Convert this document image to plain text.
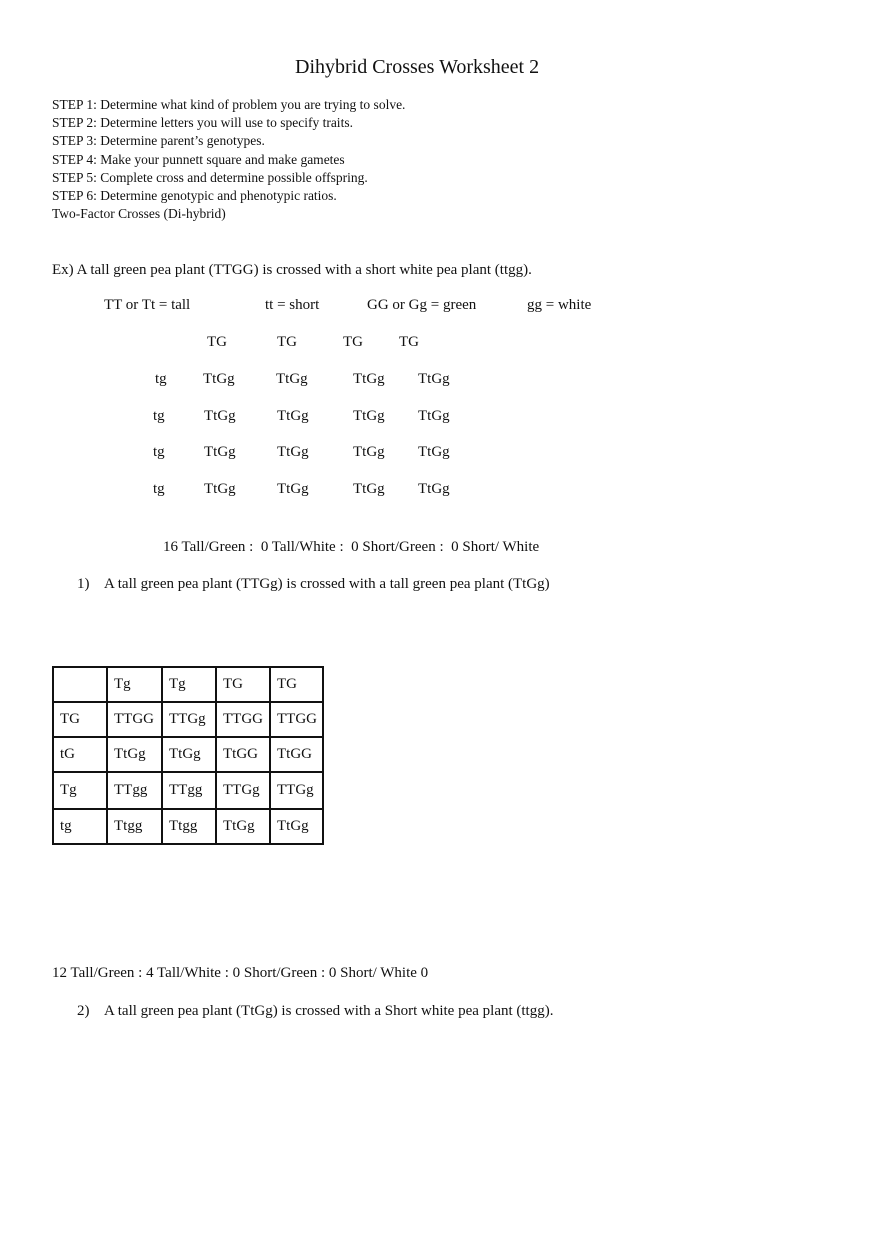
Dihybrid Crosses Worksheet 2
STEP 1: Determine what kind of problem you are trying to solve.
STEP 2: Determine letters you will use to specify traits.
STEP 3: Determine parent’s genotypes.
STEP 4: Make your punnett square and make gametes
STEP 5: Complete cross and determine possible offspring.
STEP 6: Determine genotypic and phenotypic ratios.
Two-Factor Crosses (Di-hybrid)
Ex) A tall green pea plant (TTGG) is crossed with a short white pea plant (ttgg).
TT or Tt = tall	tt = short	GG or Gg = green	gg = white
TG	TG	TG TG
tg TtGg	TtGg	TtGg TtGg
tg	TtGg	TtGg	TtGg TtGg
tg	TtGg	TtGg	TtGg TtGg
tg	TtGg	TtGg	TtGg TtGg
16 Tall/Green :  0 Tall/White :  0 Short/Green :  0 Short/ White
1) A tall green pea plant (TTGg) is crossed with a tall green pea plant (TtGg)
	Tg	Tg	TG	TG
TG	TTGG	TTGg	TTGG	TTGG
tG	TtGg	TtGg	TtGG	TtGG
Tg	TTgg	TTgg	TTGg	TTGg
tg	Ttgg	Ttgg	TtGg	TtGg
12 Tall/Green : 4 Tall/White : 0 Short/Green : 0 Short/ White 0
2) A tall green pea plant (TtGg) is crossed with a Short white pea plant (ttgg).
